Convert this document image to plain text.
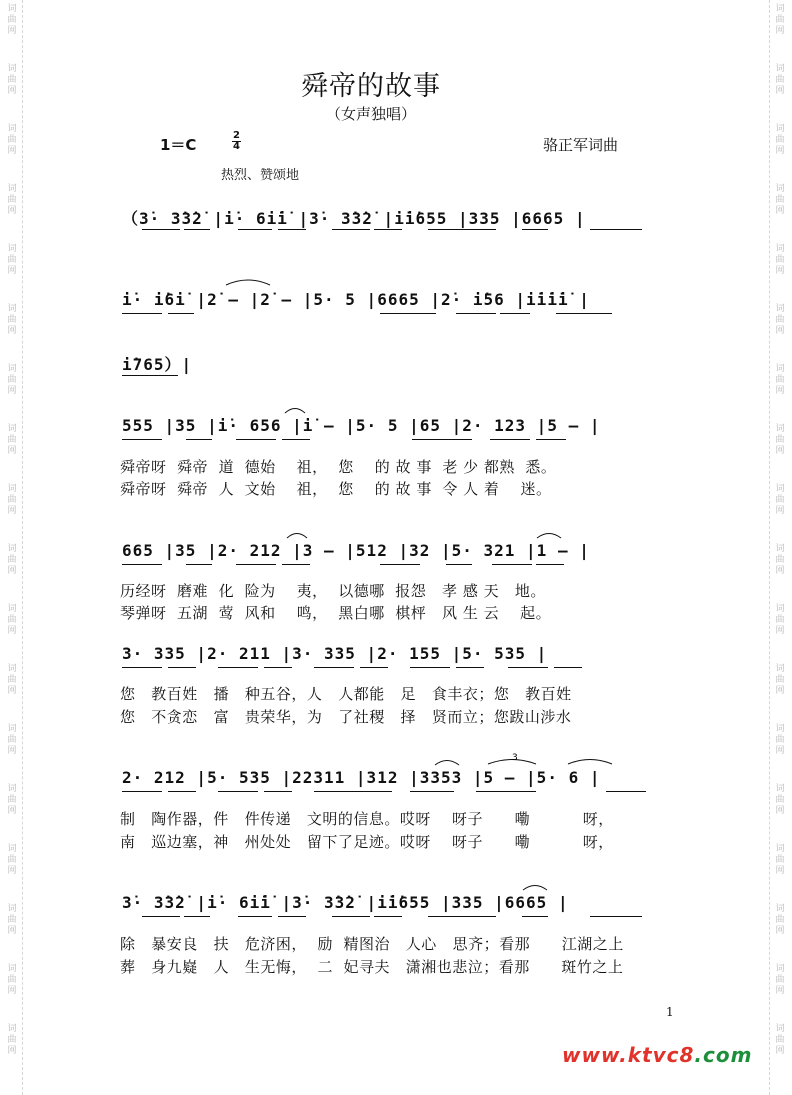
词
曲
网
词
曲
网
词
曲
网
词
曲
网
词
曲
网
词
曲
网
词
曲
网
词
曲
网
词
曲
网
词
曲
网
词
曲
网
词
曲
网
词
曲
网
词
曲
网
词
曲
网
词
曲
网
词
曲
网
词
曲
网
词
曲
网
词
曲
网
词
曲
网
词
曲
网
词
曲
网
词
曲
网
词
曲
网
词
曲
网
词
曲
网
词
曲
网
词
曲
网
词
曲
网
词
曲
网
词
曲
网
词
曲
网
词
曲
网
词
曲
网
词
曲
网
舜帝的故事
（女声独唱）
1＝C
2
4	骆正军词曲
热烈、赞颂地
（3̇· 3̇3̇2̇ |i̇· 6i̇i̇ |3̇· 3̇3̇2̇ |i̇i̇655 |335 |6665 |
i̇· i̇6i̇ |2̇ – |2̇ – |5· 5 |6665 |2̇· i̇56 |i̇i̇i̇i̇ |
i̇765）|
555 |35 |i̇· 656 |i̇ – |5· 5 |65 |2· 123 |5 – |
舜帝呀  舜帝  道  德始    祖，  您    的 故 事  老 少 都熟  悉。
舜帝呀  舜帝  人  文始    祖，  您    的 故 事  令 人 着    迷。
665 |35 |2· 212 |3 – |512 |32 |5· 321 |1 – |
历经呀  磨难  化  险为    夷，  以德哪  报怨   孝 感 天   地。
琴弹呀  五湖  莺  风和    鸣，  黑白哪  棋枰   风 生 云    起。
3· 335 |2· 211 |3· 335 |2· 155 |5· 535 |
您   教百姓   播   种五谷，人   人都能   足   食丰衣；您   教百姓
您   不贪恋   富   贵荣华，为   了社稷   择   贤而立；您跋山涉水
2· 212 |5· 535 |22311 |312 |3353 |5 – |5· 6 |
制   陶作器，件   件传递   文明的信息。哎呀    呀子      嘞          呀，
南   巡边塞，神   州处处   留下了足迹。哎呀    呀子      嘞          呀，
3̇· 3̇3̇2̇ |i̇· 6i̇i̇ |3̇· 3̇3̇2̇ |i̇i̇655 |335 |6665 |
除   暴安良   扶   危济困，  励  精图治   人心   思齐；看那      江湖之上
葬   身九嶷   人   生无悔，  二  妃寻夫   潇湘也悲泣；看那      斑竹之上
3
1
www.ktvc8.com
